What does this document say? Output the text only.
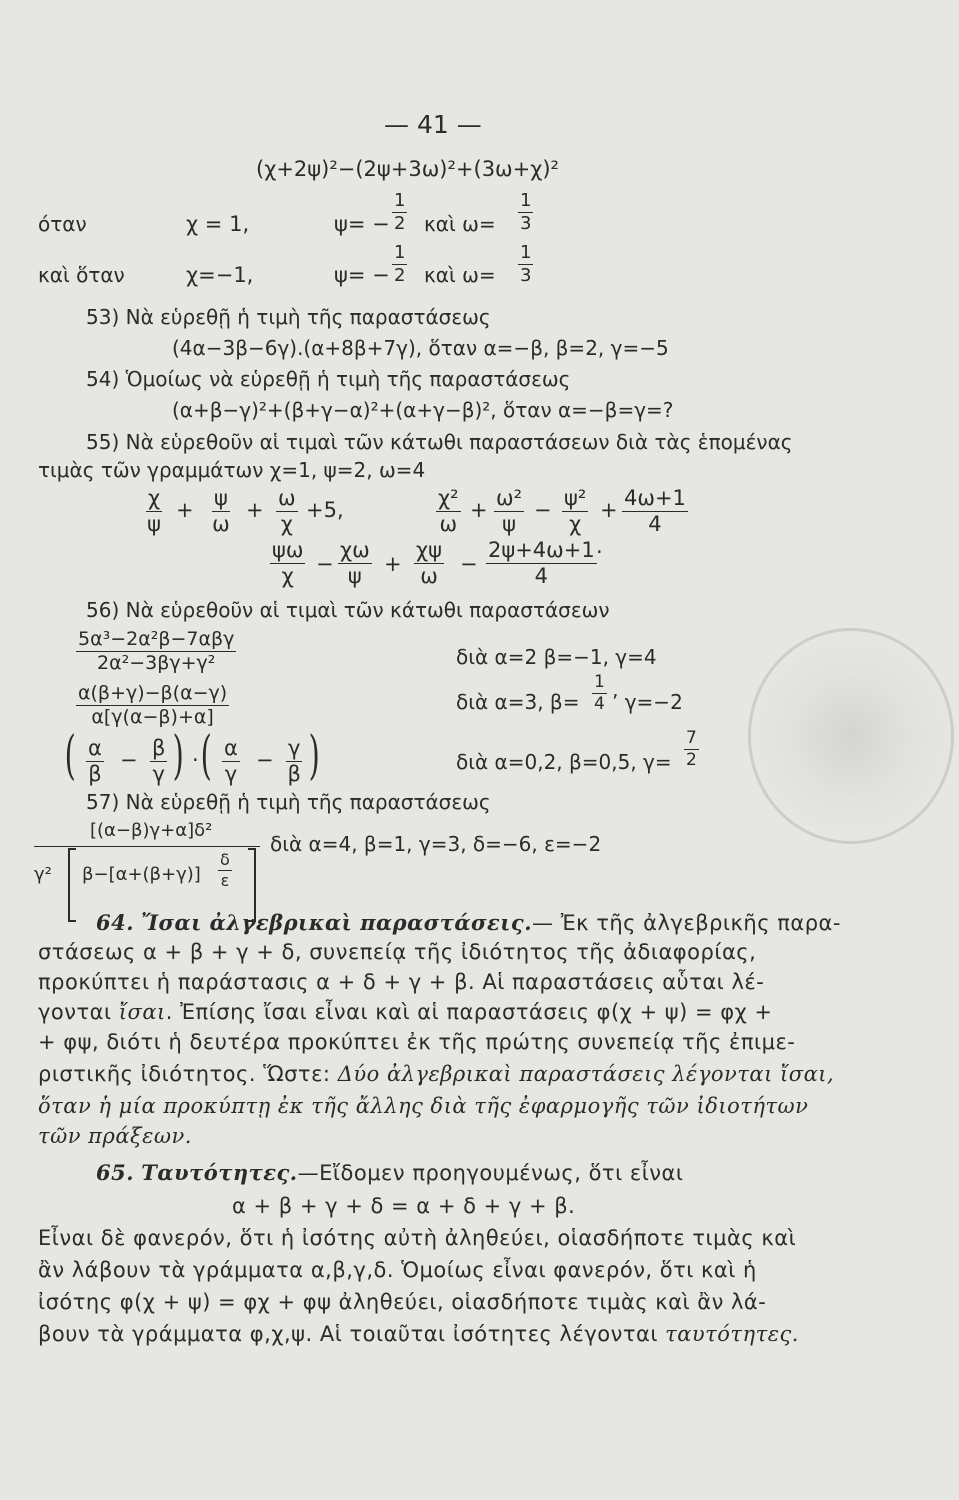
— 41 —
(χ+2ψ)²−(2ψ+3ω)²+(3ω+χ)²
όταν	χ = 1,	$\psi= - \frac{1}{2}$ καὶ $\omega= \frac{1}{3}$
καὶ ὅταν	χ=−1,	$\psi= - \frac{1}{2}$ καὶ $\omega= \frac{1}{3}$
53) Νὰ εὑρεθῇ ἡ τιμὴ τῆς παραστάσεως
(4α−3β−6γ).(α+8β+7γ), ὅταν α=−β, β=2, γ=−5
54) Ὁμοίως νὰ εὑρεθῇ ἡ τιμὴ τῆς παραστάσεως
(α+β−γ)²+(β+γ−α)²+(α+γ−β)², ὅταν α=−β=γ=?
55) Νὰ εὑρεθοῦν αἱ τιμαὶ τῶν κάτωθι παραστάσεων διὰ τὰς ἑπομένας
τιμὰς τῶν γραμμάτων χ=1, ψ=2, ω=4
$\frac{\chi}{\psi} + \frac{\psi}{\omega} + \frac{\omega}{\chi} +5$,	$\frac{\text{χ²}}{\omega} + \frac{\text{ω²}}{\psi} - \frac{\text{ψ²}}{\chi} + \frac{4\omega+1}{4}$
$\frac{\psi\omega}{\chi} - \frac{\chi\omega}{\psi} + \frac{\chi\psi}{\omega} - \frac{2\psi+4\omega+1}{4}$ .
56) Νὰ εὑρεθοῦν αἱ τιμαὶ τῶν κάτωθι παραστάσεων
5α³−2α²β−7αβγ
2α²−3βγ+γ²	διὰ α=2 β=−1, γ=4
$\frac{\alpha(\beta+\gamma)-\beta(\alpha-\gamma)}{\alpha[\gamma(\alpha-\beta)+\alpha]}$	διὰ α=3, $\beta= \frac{1}{4}$ ’ γ=−2
( $\frac{\alpha}{\beta} - \frac{\beta}{\gamma}$ ) · ( $\frac{\alpha}{\gamma} - \frac{\gamma}{\beta}$ )	διὰ α=0,2, β=0,5, $\gamma= \frac{7}{2}$
57) Νὰ εὑρεθῇ ἡ τιμὴ τῆς παραστάσεως
[(α−β)γ+α]δ²
γ² $\beta-[\alpha+(\beta+\gamma)] \frac{\delta}{\varepsilon}$
διὰ α=4, β=1, γ=3, δ=−6, ε=−2
64. Ἴσαι ἀλγεβρικαὶ παραστάσεις.— Ἐκ τῆς ἀλγεβρικῆς παρα-
στάσεως α + β + γ + δ, συνεπείᾳ τῆς ἰδιότητος τῆς ἀδιαφορίας,
προκύπτει ἡ παράστασις α + δ + γ + β. Αἱ παραστάσεις αὗται λέ-
γονται ἴσαι. Ἐπίσης ἴσαι εἶναι καὶ αἱ παραστάσεις φ(χ + ψ) = φχ +
+ φψ, διότι ἡ δευτέρα προκύπτει ἐκ τῆς πρώτης συνεπείᾳ τῆς ἐπιμε-
ριστικῆς ἰδιότητος. Ὥστε: Δύο ἀλγεβρικαὶ παραστάσεις λέγονται ἴσαι,
ὅταν ἡ μία προκύπτῃ ἐκ τῆς ἄλλης διὰ τῆς ἐφαρμογῆς τῶν ἰδιοτήτων
τῶν πράξεων.
65. Ταυτότητες.—Εἴδομεν προηγουμένως, ὅτι εἶναι
α + β + γ + δ = α + δ + γ + β.
Εἶναι δὲ φανερόν, ὅτι ἡ ἰσότης αὐτὴ ἀληθεύει, οἱασδήποτε τιμὰς καὶ
ἂν λάβουν τὰ γράμματα α,β,γ,δ. Ὁμοίως εἶναι φανερόν, ὅτι καὶ ἡ
ἰσότης φ(χ + ψ) = φχ + φψ ἀληθεύει, οἱασδήποτε τιμὰς καὶ ἂν λά-
βουν τὰ γράμματα φ,χ,ψ. Αἱ τοιαῦται ἰσότητες λέγονται ταυτότητες.
